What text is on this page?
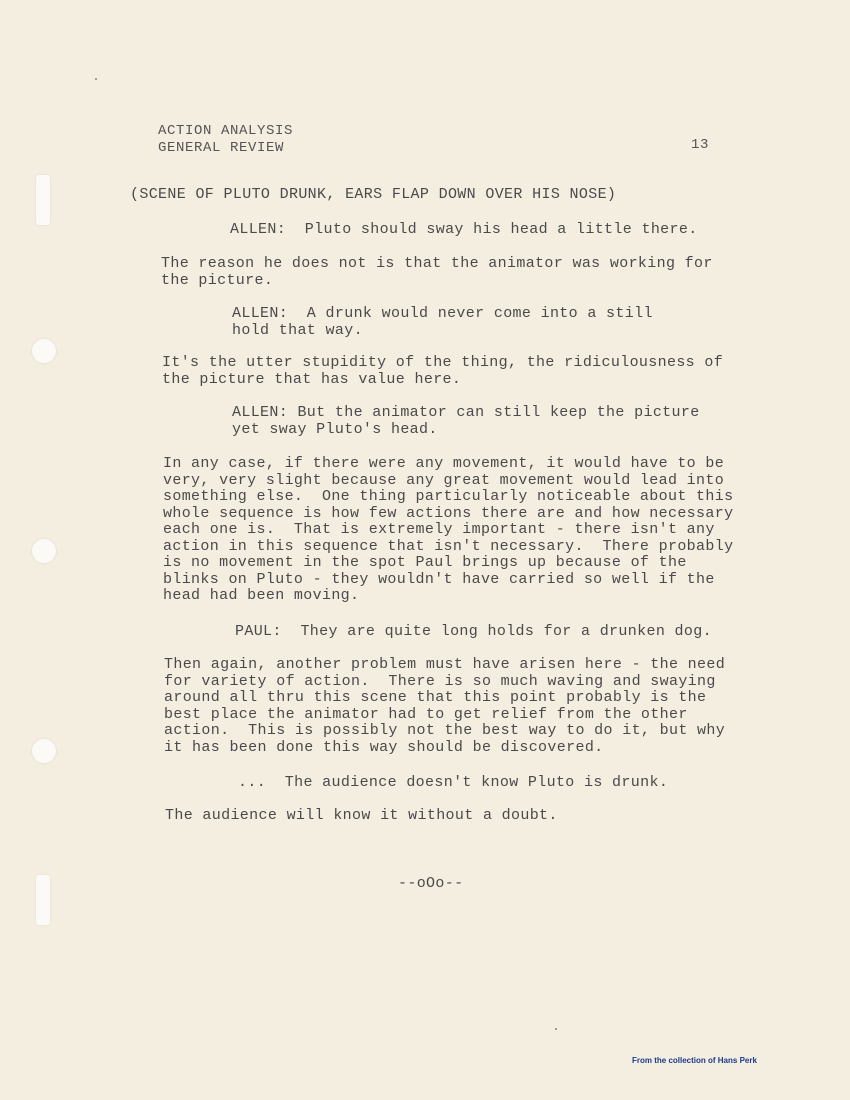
ACTION ANALYSIS
GENERAL REVIEW	13
(SCENE OF PLUTO DRUNK, EARS FLAP DOWN OVER HIS NOSE)
ALLEN:  Pluto should sway his head a little there.
The reason he does not is that the animator was working for
the picture.
ALLEN:  A drunk would never come into a still
hold that way.
It's the utter stupidity of the thing, the ridiculousness of
the picture that has value here.
ALLEN: But the animator can still keep the picture
yet sway Pluto's head.
In any case, if there were any movement, it would have to be
very, very slight because any great movement would lead into
something else.  One thing particularly noticeable about this
whole sequence is how few actions there are and how necessary
each one is.  That is extremely important - there isn't any
action in this sequence that isn't necessary.  There probably
is no movement in the spot Paul brings up because of the
blinks on Pluto - they wouldn't have carried so well if the
head had been moving.
PAUL:  They are quite long holds for a drunken dog.
Then again, another problem must have arisen here - the need
for variety of action.  There is so much waving and swaying
around all thru this scene that this point probably is the
best place the animator had to get relief from the other
action.  This is possibly not the best way to do it, but why
it has been done this way should be discovered.
...  The audience doesn't know Pluto is drunk.
The audience will know it without a doubt.
--oOo--
From the collection of Hans Perk
